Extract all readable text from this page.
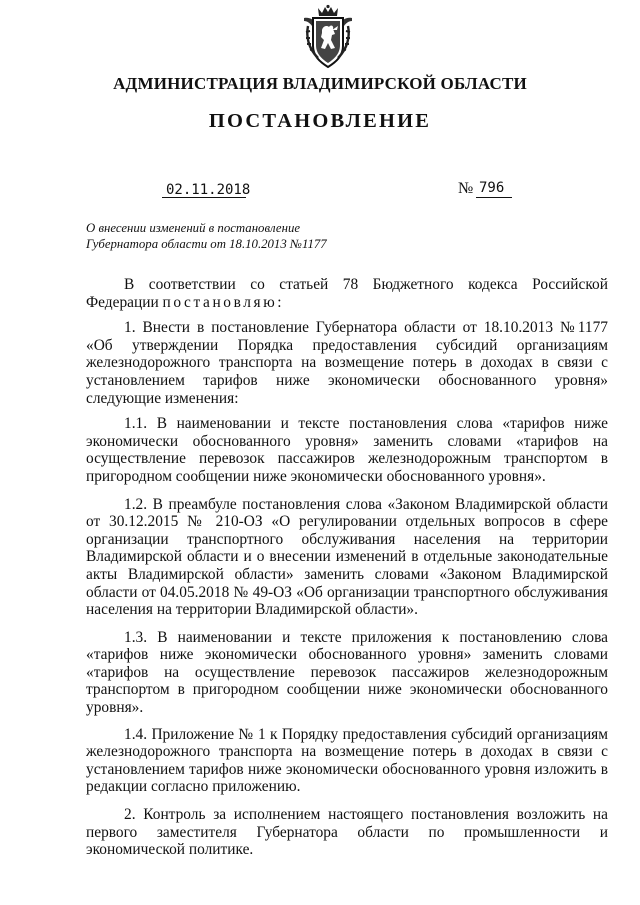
АДМИНИСТРАЦИЯ ВЛАДИМИРСКОЙ ОБЛАСТИ
ПОСТАНОВЛЕНИЕ
02.11.2018	№ 796
О внесении изменений в постановление
Губернатора области от 18.10.2013 №1177

В соответствии со статьей 78 Бюджетного кодекса Российской Федерации постановляю:

1. Внести в постановление Губернатора области от 18.10.2013 №1177 «Об утверждении Порядка предоставления субсидий организациям железнодорожного транспорта на возмещение потерь в доходах в связи с установлением тарифов ниже экономически обоснованного уровня» следующие изменения:

1.1. В наименовании и тексте постановления слова «тарифов ниже экономически обоснованного уровня» заменить словами «тарифов на осуществление перевозок пассажиров железнодорожным транспортом в пригородном сообщении ниже экономически обоснованного уровня».

1.2. В преамбуле постановления слова «Законом Владимирской области от 30.12.2015 № 210-ОЗ «О регулировании отдельных вопросов в сфере организации транспортного обслуживания населения на территории Владимирской области и о внесении изменений в отдельные законодательные акты Владимирской области» заменить словами «Законом Владимирской области от 04.05.2018 № 49-ОЗ «Об организации транспортного обслуживания населения на территории Владимирской области».

1.3. В наименовании и тексте приложения к постановлению слова «тарифов ниже экономически обоснованного уровня» заменить словами «тарифов на осуществление перевозок пассажиров железнодорожным транспортом в пригородном сообщении ниже экономически обоснованного уровня».

1.4. Приложение № 1 к Порядку предоставления субсидий организациям железнодорожного транспорта на возмещение потерь в доходах в связи с установлением тарифов ниже экономически обоснованного уровня изложить в редакции согласно приложению.

2. Контроль за исполнением настоящего постановления возложить на первого заместителя Губернатора области по промышленности и экономической политике.
